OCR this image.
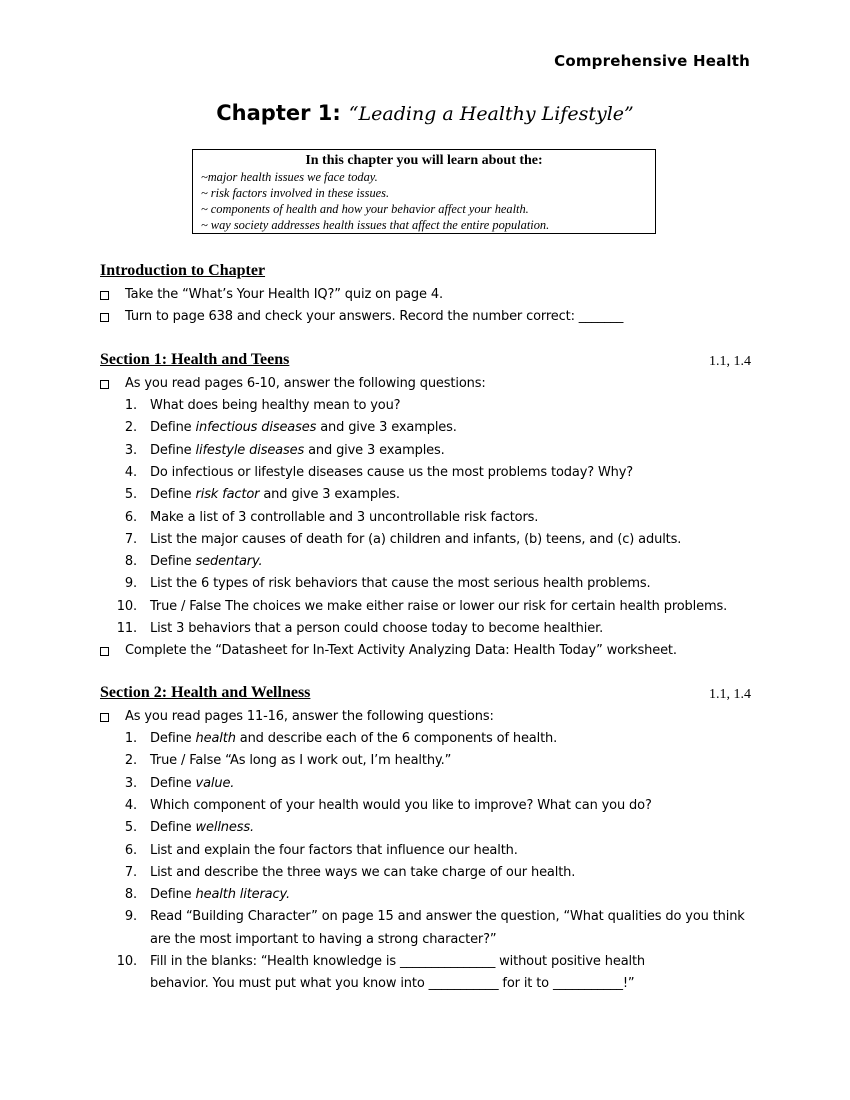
Comprehensive Health
Chapter 1: “Leading a Healthy Lifestyle”
In this chapter you will learn about the:
~major health issues we face today.
~ risk factors involved in these issues.
~ components of health and how your behavior affect your health.
~ way society addresses health issues that affect the entire population.
Introduction to Chapter
Take the “What’s Your Health IQ?” quiz on page 4.
Turn to page 638 and check your answers. Record the number correct: _______
Section 1: Health and Teens	1.1, 1.4
As you read pages 6-10, answer the following questions:
1. What does being healthy mean to you?
2. Define infectious diseases and give 3 examples.
3. Define lifestyle diseases and give 3 examples.
4. Do infectious or lifestyle diseases cause us the most problems today? Why?
5. Define risk factor and give 3 examples.
6. Make a list of 3 controllable and 3 uncontrollable risk factors.
7. List the major causes of death for (a) children and infants, (b) teens, and (c) adults.
8. Define sedentary.
9. List the 6 types of risk behaviors that cause the most serious health problems.
10. True / False The choices we make either raise or lower our risk for certain health problems.
11. List 3 behaviors that a person could choose today to become healthier.
Complete the “Datasheet for In-Text Activity Analyzing Data: Health Today” worksheet.
Section 2: Health and Wellness	1.1, 1.4
As you read pages 11-16, answer the following questions:
1. Define health and describe each of the 6 components of health.
2. True / False “As long as I work out, I’m healthy.”
3. Define value.
4. Which component of your health would you like to improve? What can you do?
5. Define wellness.
6. List and explain the four factors that influence our health.
7. List and describe the three ways we can take charge of our health.
8. Define health literacy.
9. Read “Building Character” on page 15 and answer the question, “What qualities do you think
are the most important to having a strong character?”
10. Fill in the blanks: “Health knowledge is _______________ without positive health
behavior. You must put what you know into ___________ for it to ___________!”
